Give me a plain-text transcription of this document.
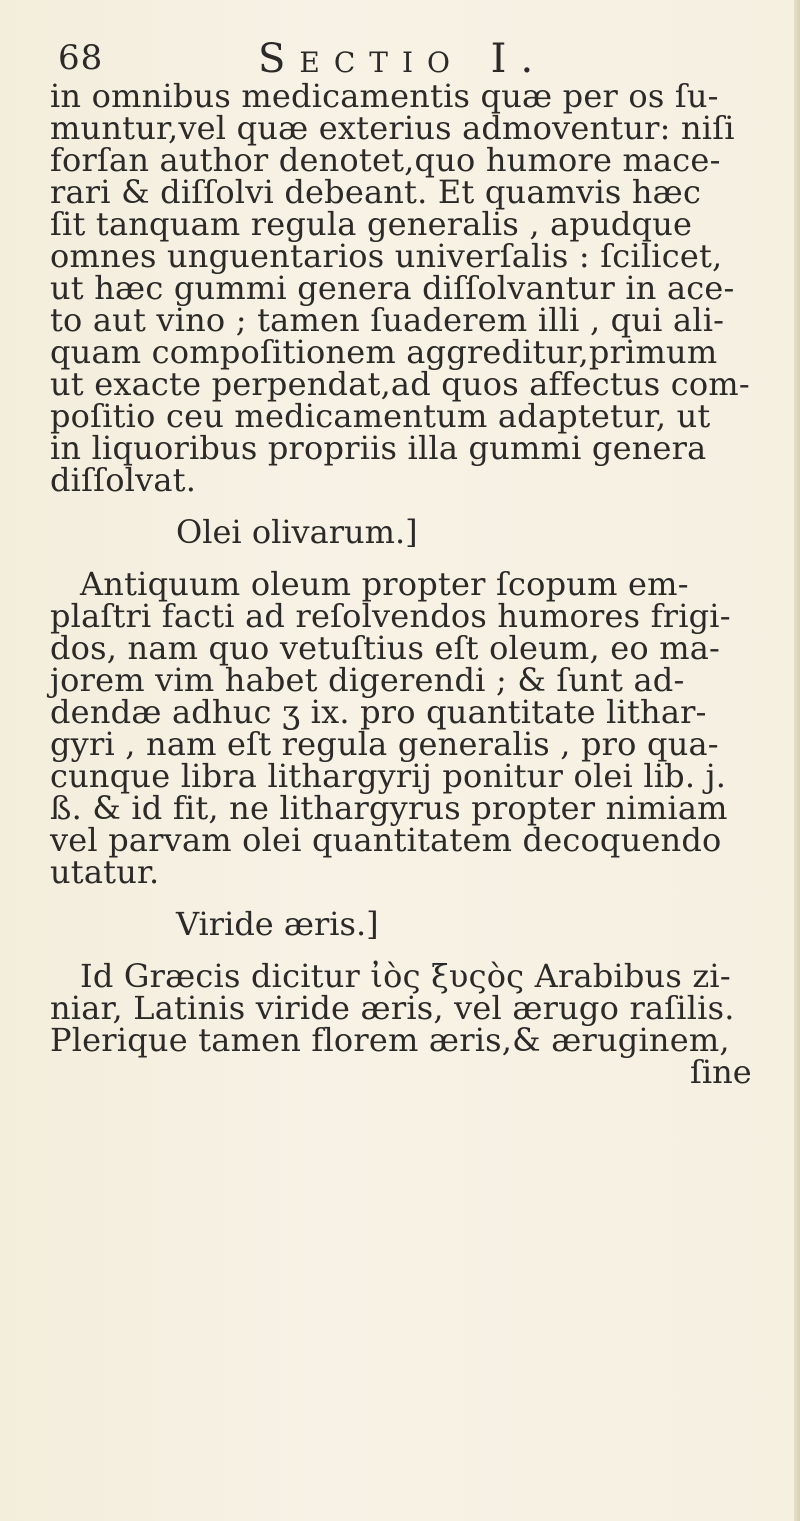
68	Sectio I.
in omnibus medicamentis quæ per os ſu-
muntur,vel quæ exterius admoventur: niſi
forſan author denotet,quo humore mace-
rari & diſſolvi debeant. Et quamvis hæc
ſit tanquam regula generalis , apudque
omnes unguentarios univerſalis : ſcilicet,
ut hæc gummi genera diſſolvantur in ace-
to aut vino ; tamen ſuaderem illi , qui ali-
quam compoſitionem aggreditur,primum
ut exacte perpendat,ad quos affectus com-
poſitio ceu medicamentum adaptetur, ut
in liquoribus propriis illa gummi genera
diſſolvat.
Olei olivarum.]
Antiquum oleum propter ſcopum em-
plaſtri facti ad reſolvendos humores frigi-
dos, nam quo vetuſtius eſt oleum, eo ma-
jorem vim habet digerendi ; & ſunt ad-
dendæ adhuc ʒ ix. pro quantitate lithar-
gyri , nam eſt regula generalis , pro qua-
cunque libra lithargyrij ponitur olei lib. j.
ß. & id fit, ne lithargyrus propter nimiam
vel parvam olei quantitatem decoquendo
utatur.
Viride æris.]
Id Græcis dicitur ἰὸς ξυςὸς Arabibus zi-
niar, Latinis viride æris, vel ærugo raſilis.
Plerique tamen florem æris,& æruginem,
ſine
